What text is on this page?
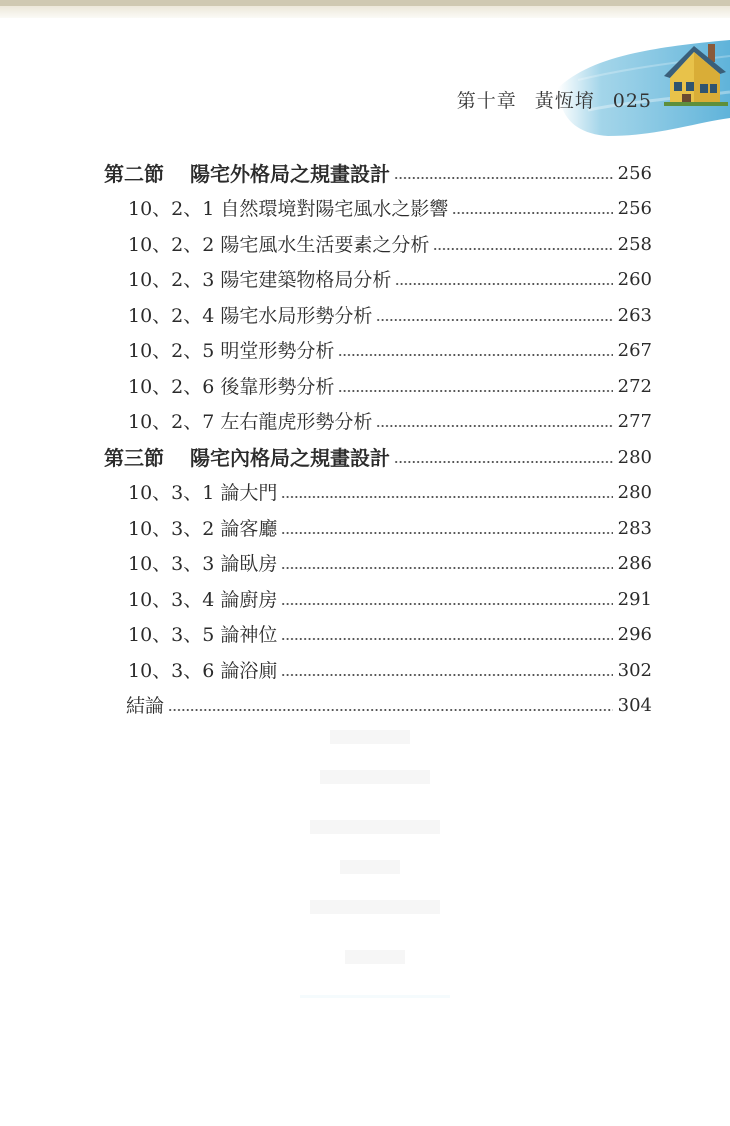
第十章 黃恆堉 025
第二節 陽宅外格局之規畫設計	256
10、2、1 自然環境對陽宅風水之影響	256
10、2、2 陽宅風水生活要素之分析	258
10、2、3 陽宅建築物格局分析	260
10、2、4 陽宅水局形勢分析	263
10、2、5 明堂形勢分析	267
10、2、6 後靠形勢分析	272
10、2、7 左右龍虎形勢分析	277
第三節 陽宅內格局之規畫設計	280
10、3、1 論大門	280
10、3、2 論客廳	283
10、3、3 論臥房	286
10、3、4 論廚房	291
10、3、5 論神位	296
10、3、6 論浴廁	302
結論	304
